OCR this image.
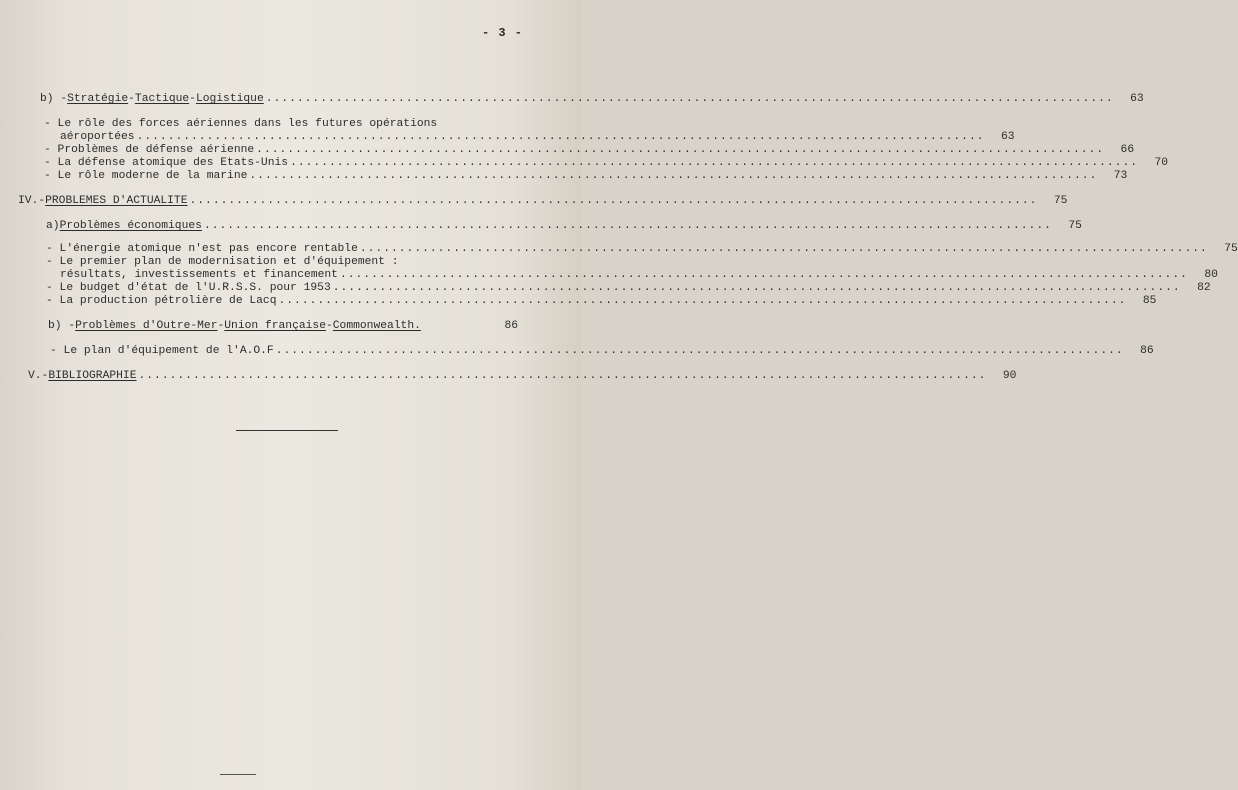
- 3 -
b) - Stratégie - Tactique - Logistique .............................................................................................................	63
- Le rôle des forces aériennes dans les futures opérations
aéroportées .............................................................................................................	63
- Problèmes de défense aérienne .............................................................................................................	66
- La défense atomique des Etats-Unis .............................................................................................................	70
- Le rôle moderne de la marine .............................................................................................................	73
IV.- PROBLEMES D'ACTUALITE .............................................................................................................	75
a) Problèmes économiques .............................................................................................................	75
- L'énergie atomique n'est pas encore rentable .............................................................................................................	75
- Le premier plan de modernisation et d'équipement :
résultats, investissements et financement .............................................................................................................	80
- Le budget d'état de l'U.R.S.S. pour 1953 .............................................................................................................	82
- La production pétrolière de Lacq .............................................................................................................	85
b) - Problèmes d'Outre-Mer - Union française - Commonwealth.	86
- Le plan d'équipement de l'A.O.F .............................................................................................................	86
V.- BIBLIOGRAPHIE .............................................................................................................	90
